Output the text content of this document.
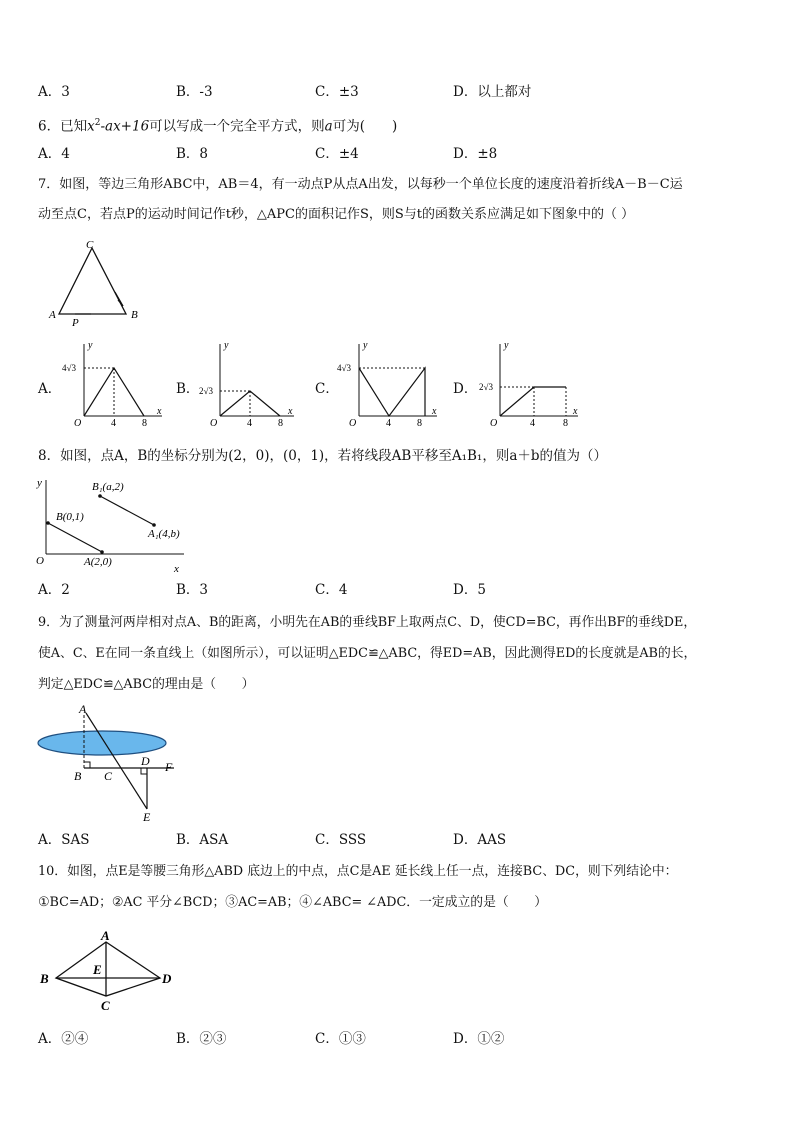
A．3	B．-3	C．±3	D．以上都对
6．已知$x^2-ax+16$可以写成一个完全平方式，则a可为(　　)
A．4	B．8	C．±4	D．±8
7．如图，等边三角形ABC中，AB＝4，有一动点P从点A出发，以每秒一个单位长度的速度沿着折线A－B－C运
动至点C，若点P的运动时间记作t秒，△APC的面积记作S，则S与t的函数关系应满足如下图象中的（ ）
C
A	B
P
A．	B．	C．	D．
y
x
O	4	8
4√3
y
x
O	4	8
2√3
y
x
O	4	8
4√3
y
x
O	4	8
2√3
8．如图，点A，B的坐标分别为(2，0)，(0，1)，若将线段AB平移至A₁B₁，则a＋b的值为（）
y
x
O
B(0,1)
A(2,0)
B₁(a,2)
A₁(4,b)
A．2	B．3	C．4	D．5
9．为了测量河两岸相对点A、B的距离，小明先在AB的垂线BF上取两点C、D，使CD=BC，再作出BF的垂线DE，
使A、C、E在同一条直线上（如图所示），可以证明△EDC≌△ABC，得ED=AB，因此测得ED的长度就是AB的长，
判定△EDC≌△ABC的理由是（　　）
A
B C
D F
E
A．SAS	B．ASA	C．SSS	D．AAS
10．如图，点E是等腰三角形△ABD 底边上的中点，点C是AE 延长线上任一点，连接BC、DC，则下列结论中：
①BC=AD；②AC 平分∠BCD；③AC=AB；④∠ABC= ∠ADC．一定成立的是（　　）
A
B
E
D
C
A．②④	B．②③	C．①③	D．①②
